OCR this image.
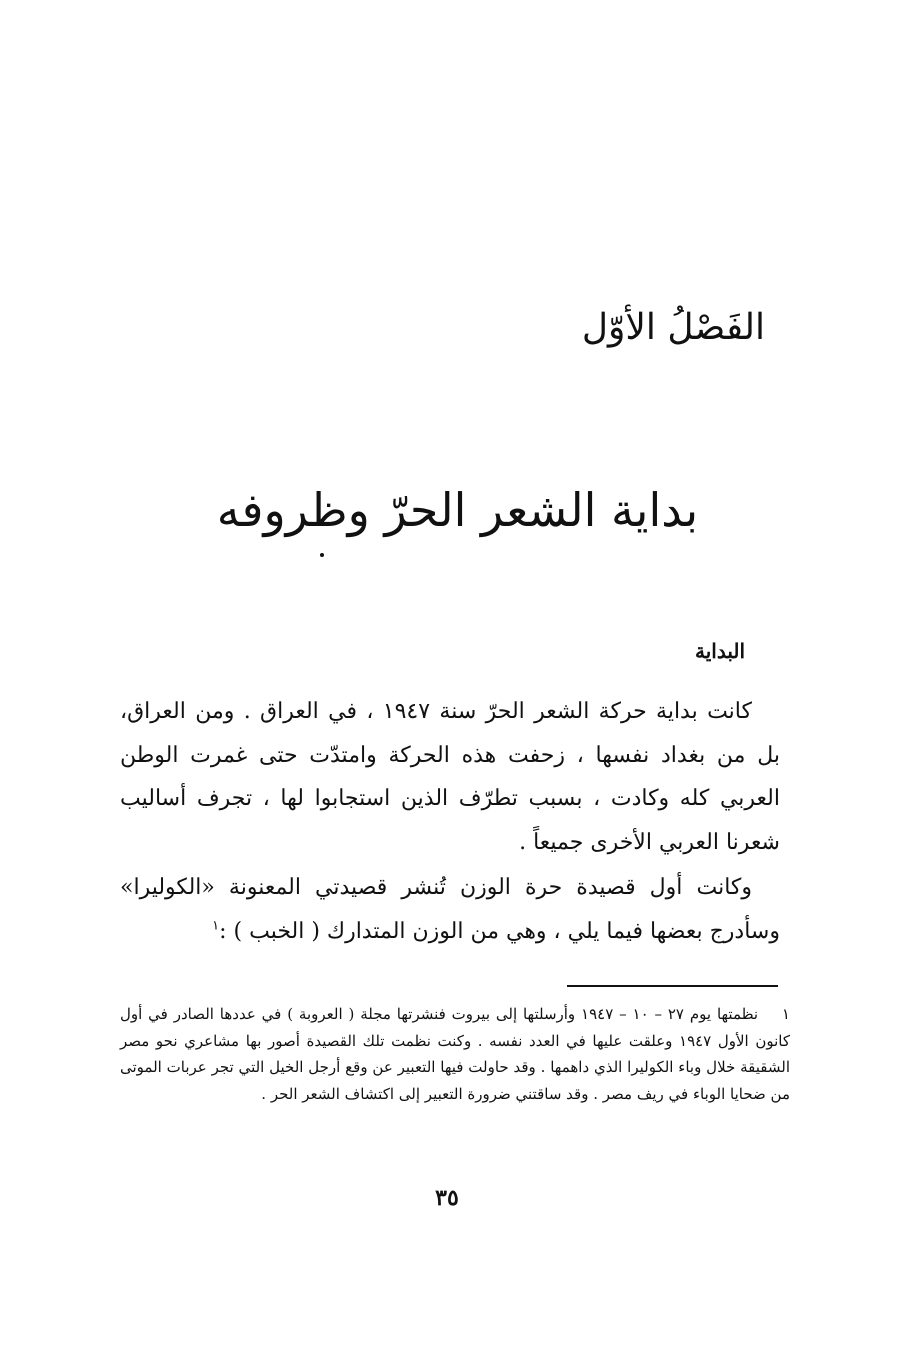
الفَصْلُ الأوّل
بداية الشعر الحرّ وظروفه
البداية

كانت بداية حركة الشعر الحرّ سنة ١٩٤٧ ، في العراق . ومن العراق، بل من بغداد نفسها ، زحفت هذه الحركة وامتدّت حتى غمرت الوطن العربي كله وكادت ، بسبب تطرّف الذين استجابوا لها ، تجرف أساليب شعرنا العربي الأخرى جميعاً .

وكانت أول قصيدة حرة الوزن تُنشر قصيدتي المعنونة «الكوليرا» وسأدرج بعضها فيما يلي ، وهي من الوزن المتدارك ( الخبب ) :$^١$

١ نظمتها يوم ٢٧ – ١٠ – ١٩٤٧ وأرسلتها إلى بيروت فنشرتها مجلة ( العروبة ) في عددها الصادر في أول كانون الأول ١٩٤٧ وعلقت عليها في العدد نفسه . وكنت نظمت تلك القصيدة أصور بها مشاعري نحو مصر الشقيقة خلال وباء الكوليرا الذي داهمها . وقد حاولت فيها التعبير عن وقع أرجل الخيل التي تجر عربات الموتى من ضحايا الوباء في ريف مصر . وقد ساقتني ضرورة التعبير إلى اكتشاف الشعر الحر .
٣٥
